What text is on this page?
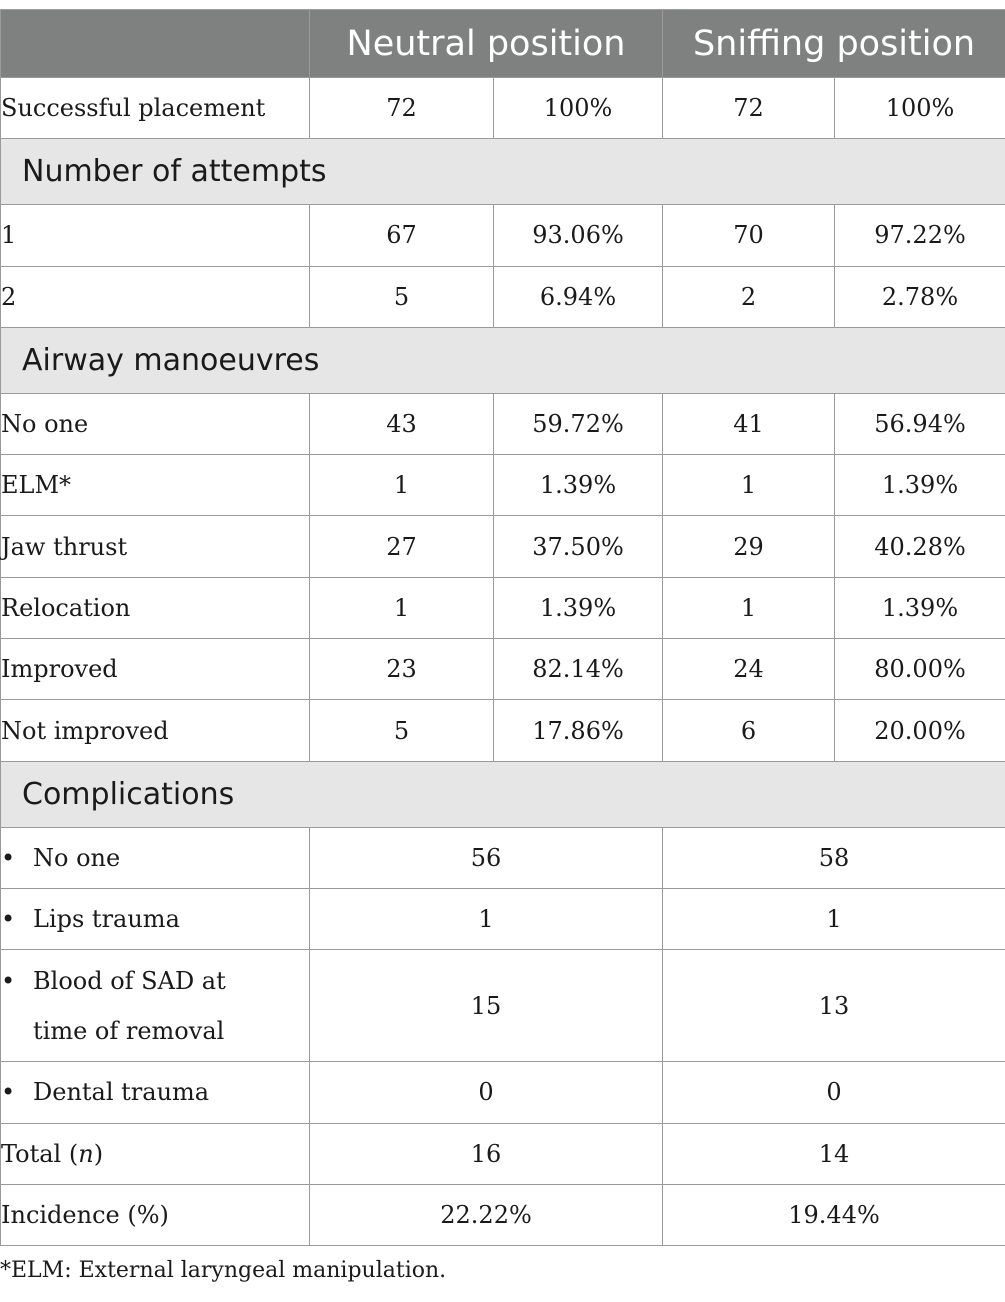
	Neutral position		Sniffing position	
Successful placement	72	100%	72	100%
Number of attempts				
1	67	93.06%	70	97.22%
2	5	6.94%	2	2.78%
Airway manoeuvres				
No one	43	59.72%	41	56.94%
ELM*	1	1.39%	1	1.39%
Jaw thrust	27	37.50%	29	40.28%
Relocation	1	1.39%	1	1.39%
Improved	23	82.14%	24	80.00%
Not improved	5	17.86%	6	20.00%
Complications				
• No one	56		58	
• Lips trauma	1		1	
• Blood of SAD at
time of removal	15		13	
• Dental trauma	0		0	
Total (n)	16		14	
Incidence (%)	22.22%		19.44%	
*ELM: External laryngeal manipulation.
